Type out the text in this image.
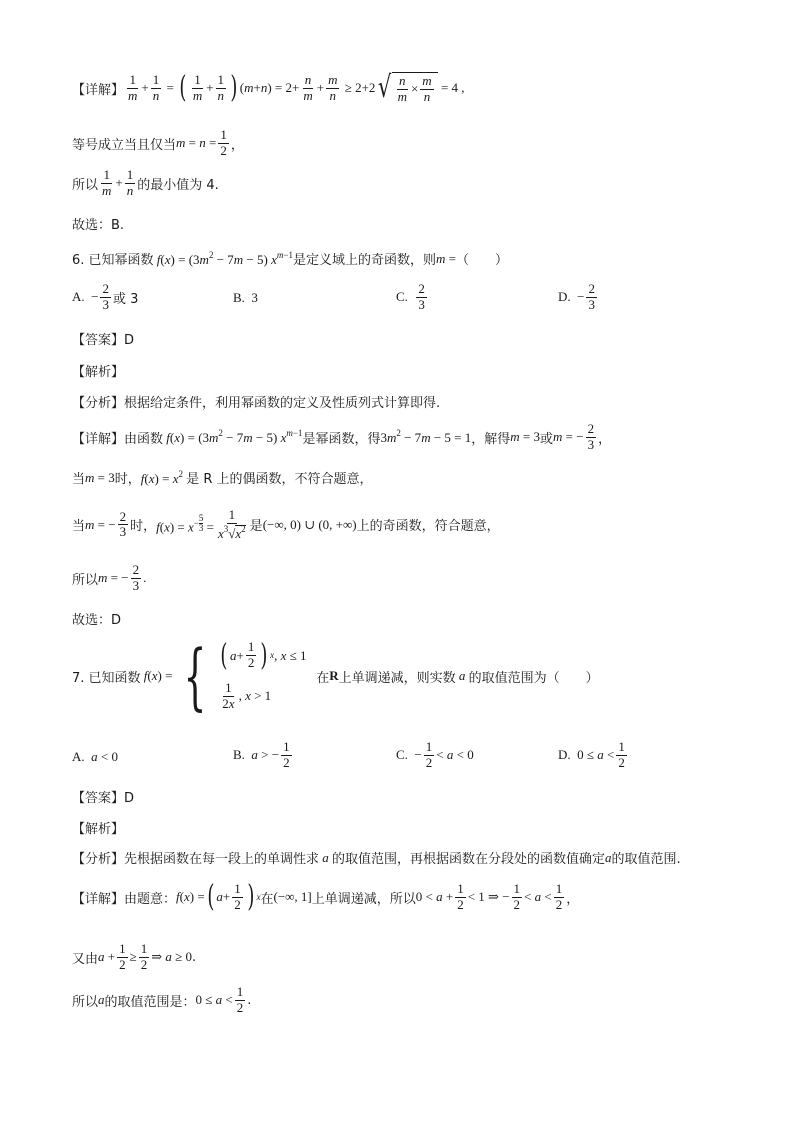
【详解】 $\frac{1}{m} + \frac{1}{n}$ = ( $\frac{1}{m} + \frac{1}{n}$ ) $(m+n) = 2+ \frac{n}{m} + \frac{m}{n} \ge 2+2$ √ $\frac{n}{m} \times \frac{m}{n} = 4$ ,
等号成立当且仅当 $m = n = \frac{1}{2}$ ，
所以 $\frac{1}{m} + \frac{1}{n}$ 的最小值为 4.
故选：B.
6. 已知幂函数 $f(x) = (3m^2 - 7m - 5)$ $x^{m-1}$ 是定义域上的奇函数，则 m = （　　）
A. − $\frac{2}{3}$ 或 3	B.
3	C.
$\frac{2}{3}$	D. − $\frac{2}{3}$
【答案】D
【解析】
【分析】 根据给定条件，利用幂函数的定义及性质列式计算即得.
【详解】 由函数 $f(x) = (3m^2 - 7m - 5)$ $x^{m-1}$ 是幂函数，得 $3m^2 - 7m - 5 = 1$ ，解得 m = 3 或 m = − $\frac{2}{3}$ ，
当 m = 3 时， $f(x) = x^2$ 是 R 上的偶函数，不符合题意，
当 m = − $\frac{2}{3}$ 时， $f(x) = x^{- \frac{5}{3}} = \frac{1}{x^3√x^2}$ 是 (−∞, 0) ∪ (0, +∞) 上的奇函数，符合题意，
所以 m = − $\frac{2}{3}$ .
故选：D
7. 已知函数 f(x) = { ( $a+ \frac{1}{2}$ ) x , x ≤ 1
$\frac{1}{2x}$ , x > 1

在 R 上单调递减，则实数 a 的取值范围为（　　）
A. a < 0	B. a > − $\frac{1}{2}$	C. − $\frac{1}{2} < a < 0$	D. $0 \le a < \frac{1}{2}$
【答案】D
【解析】
【分析】 先根据函数在每一段上的单调性求 a 的取值范围，再根据函数在分段处的函数值确定 a 的取值范围.
【详解】 由题意： f(x) = ( $a+ \frac{1}{2}$ ) x 在 (−∞, 1] 上单调递减，所以 $0 < a + \frac{1}{2} < 1$ ⇒ − $\frac{1}{2} < a < \frac{1}{2}$ ，
又由 $a + \frac{1}{2} \ge \frac{1}{2}$ ⇒ a ≥ 0 .
所以 a 的取值范围是： $0 \le a < \frac{1}{2}$ .
